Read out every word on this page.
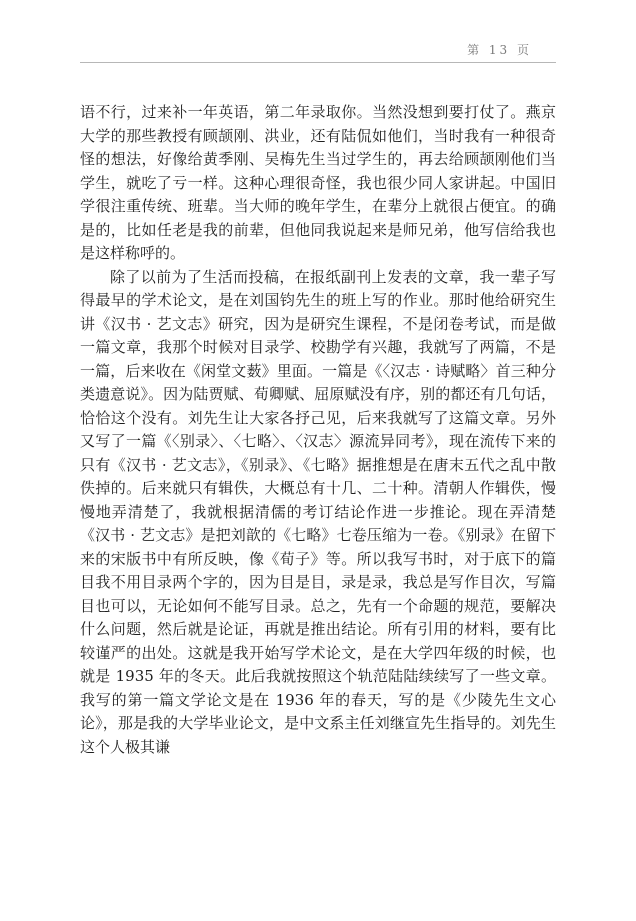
第 13 页

语不行，过来补一年英语，第二年录取你。当然没想到要打仗了。燕京大学的那些教授有顾颉刚、洪业，还有陆侃如他们，当时我有一种很奇怪的想法，好像给黄季刚、吴梅先生当过学生的，再去给顾颉刚他们当学生，就吃了亏一样。这种心理很奇怪，我也很少同人家讲起。中国旧学很注重传统、班辈。当大师的晚年学生，在辈分上就很占便宜。的确是的，比如任老是我的前辈，但他同我说起来是师兄弟，他写信给我也是这样称呼的。

除了以前为了生活而投稿，在报纸副刊上发表的文章，我一辈子写得最早的学术论文，是在刘国钧先生的班上写的作业。那时他给研究生讲《汉书 · 艺文志》研究，因为是研究生课程，不是闭卷考试，而是做一篇文章，我那个时候对目录学、校勘学有兴趣，我就写了两篇，不是一篇，后来收在《闲堂文薮》里面。一篇是《〈汉志 · 诗赋略〉首三种分类遗意说》。因为陆贾赋、荀卿赋、屈原赋没有序，别的都还有几句话，恰恰这个没有。刘先生让大家各抒己见，后来我就写了这篇文章。另外又写了一篇《〈别录〉、〈七略〉、〈汉志〉源流异同考》，现在流传下来的只有《汉书 · 艺文志》，《别录》、《七略》据推想是在唐末五代之乱中散佚掉的。后来就只有辑佚，大概总有十几、二十种。清朝人作辑佚，慢慢地弄清楚了，我就根据清儒的考订结论作进一步推论。现在弄清楚《汉书 · 艺文志》是把刘歆的《七略》七卷压缩为一卷。《别录》在留下来的宋版书中有所反映，像《荀子》等。所以我写书时，对于底下的篇目我不用目录两个字的，因为目是目，录是录，我总是写作目次，写篇目也可以，无论如何不能写目录。总之，先有一个命题的规范，要解决什么问题，然后就是论证，再就是推出结论。所有引用的材料，要有比较谨严的出处。这就是我开始写学术论文，是在大学四年级的时候，也就是 1935 年的冬天。此后我就按照这个轨范陆陆续续写了一些文章。我写的第一篇文学论文是在 1936 年的春天，写的是《少陵先生文心论》，那是我的大学毕业论文，是中文系主任刘继宣先生指导的。刘先生这个人极其谦
